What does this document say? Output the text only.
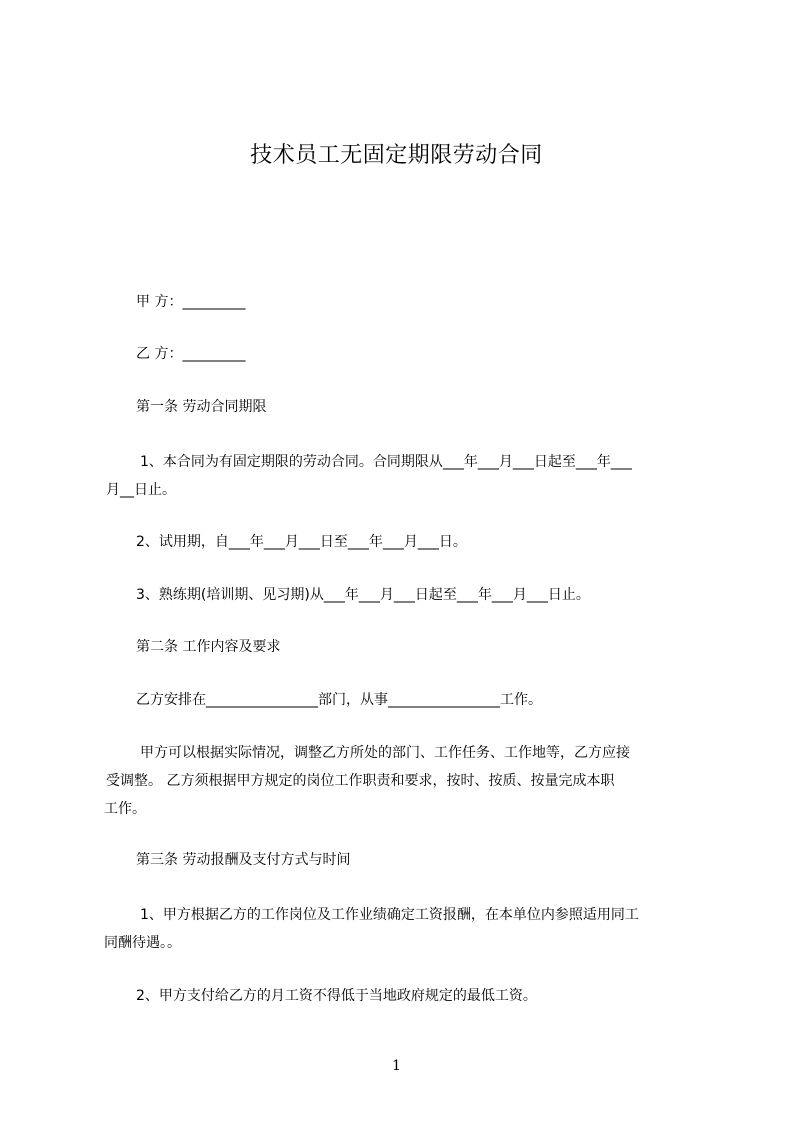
技术员工无固定期限劳动合同
甲 方：_________
乙 方：_________
第一条 劳动合同期限
1、本合同为有固定期限的劳动合同。合同期限从___年___月___日起至___年___
月__日止。
2、试用期，自___年___月___日至___年___月___日。
3、熟练期(培训期、见习期)从___年___月___日起至___年___月___日止。
第二条 工作内容及要求
乙方安排在________________部门，从事________________工作。
甲方可以根据实际情况，调整乙方所处的部门、工作任务、工作地等，乙方应接
受调整。 乙方须根据甲方规定的岗位工作职责和要求，按时、按质、按量完成本职
工作。
第三条 劳动报酬及支付方式与时间
1、甲方根据乙方的工作岗位及工作业绩确定工资报酬，在本单位内参照适用同工
同酬待遇。。
2、甲方支付给乙方的月工资不得低于当地政府规定的最低工资。
1
